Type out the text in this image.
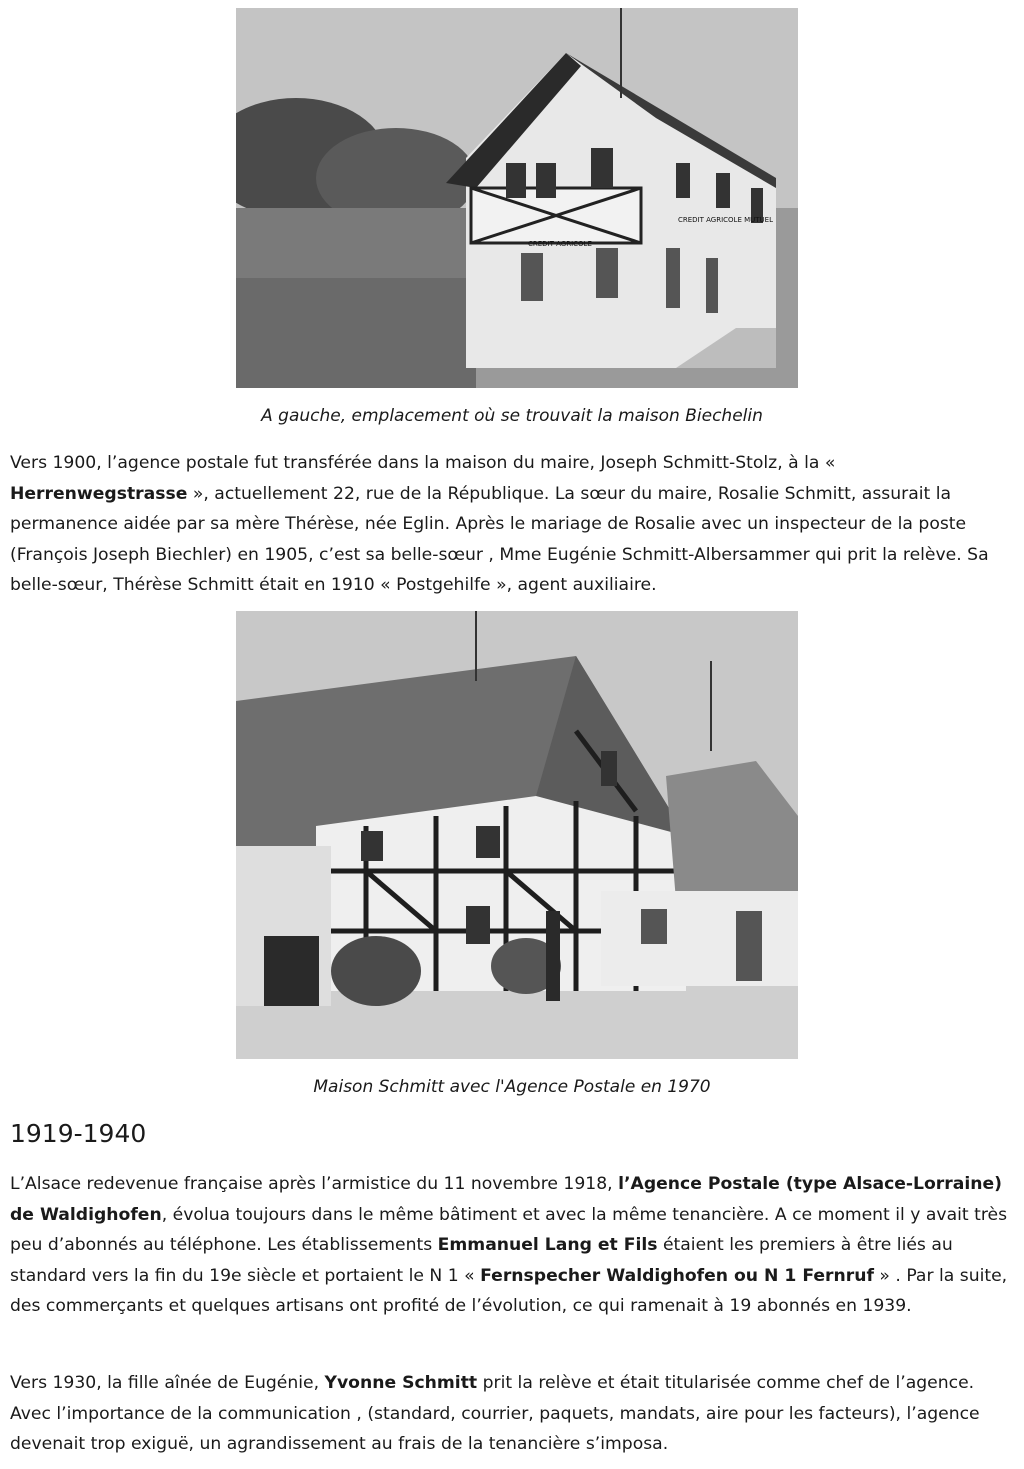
CREDIT AGRICOLE
CREDIT AGRICOLE MUTUEL
A gauche, emplacement où se trouvait la maison Biechelin

Vers 1900, l’agence postale fut transférée dans la maison du maire, Joseph Schmitt-Stolz, à la « Herrenwegstrasse », actuellement 22, rue de la République. La sœur du maire, Rosalie Schmitt, assurait la permanence aidée par sa mère Thérèse, née Eglin. Après le mariage de Rosalie avec un inspecteur de la poste (François Joseph Biechler) en 1905, c’est sa belle-sœur , Mme Eugénie Schmitt-Albersammer qui prit la relève. Sa belle-sœur, Thérèse Schmitt était en 1910 « Postgehilfe », agent auxiliaire.

Maison Schmitt avec l'Agence Postale en 1970
1919-1940

L’Alsace redevenue française après l’armistice du 11 novembre 1918, l’Agence Postale (type Alsace-Lorraine) de Waldighofen, évolua toujours dans le même bâtiment et avec la même tenancière. A ce moment il y avait très peu d’abonnés au téléphone. Les établissements Emmanuel Lang et Fils étaient les premiers à être liés au standard vers la fin du 19e siècle et portaient le N 1 « Fernspecher Waldighofen ou N 1 Fernruf » . Par la suite, des commerçants et quelques artisans ont profité de l’évolution, ce qui ramenait à 19 abonnés en 1939.

Vers 1930, la fille aînée de Eugénie, Yvonne Schmitt prit la relève et était titularisée comme chef de l’agence. Avec l’importance de la communication , (standard, courrier, paquets, mandats, aire pour les facteurs), l’agence devenait trop exiguë, un agrandissement au frais de la tenancière s’imposa.
